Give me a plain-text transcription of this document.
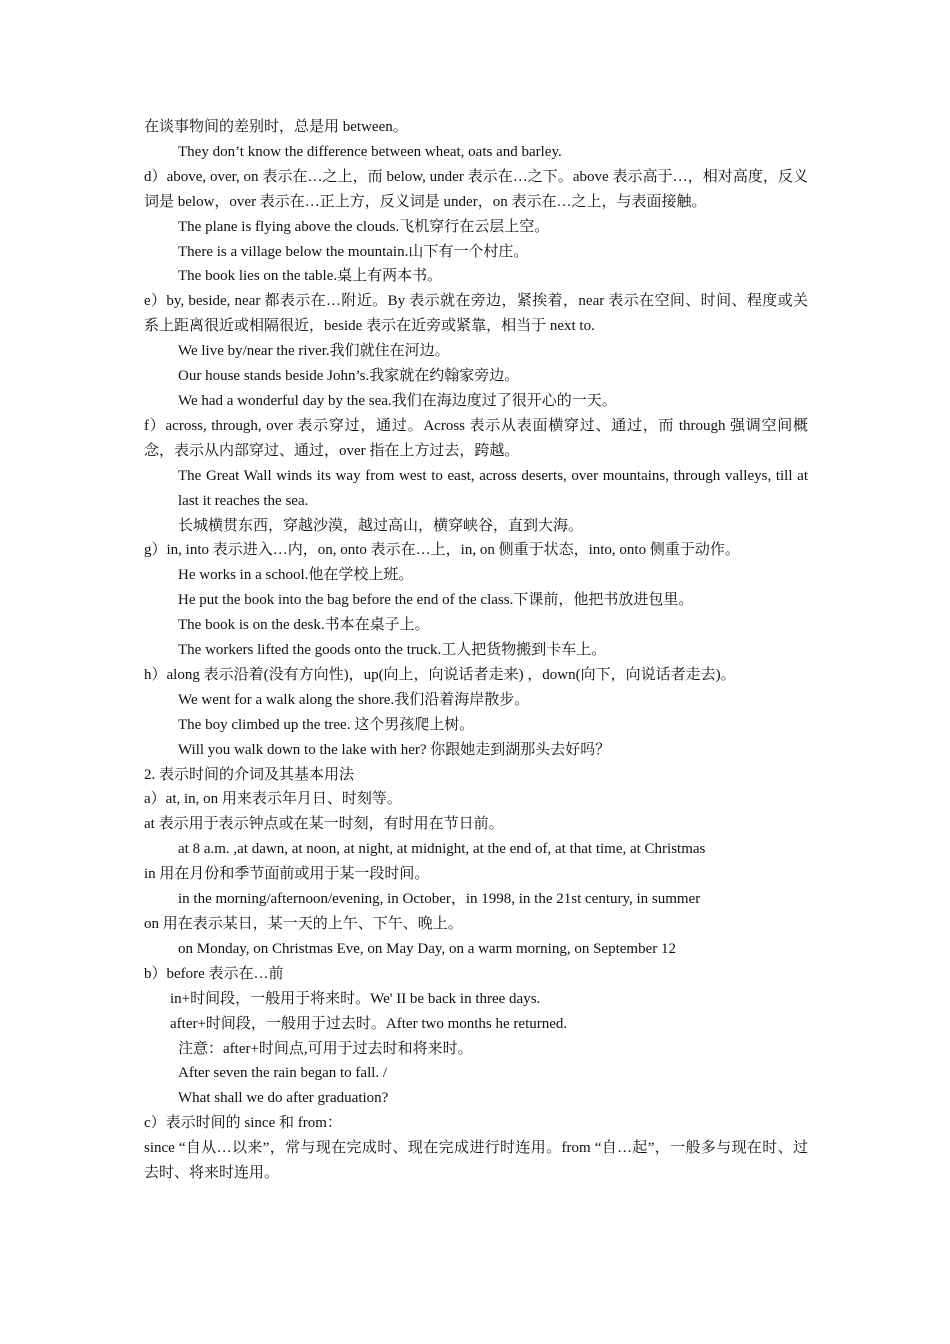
在谈事物间的差别时，总是用 between。
They don’t know the difference between wheat, oats and barley.
d）above, over, on 表示在…之上，而 below, under 表示在…之下。above 表示高于…，相对高度，反义词是 below，over 表示在…正上方，反义词是 under，on 表示在…之上，与表面接触。
The plane is flying above the clouds.飞机穿行在云层上空。
There is a village below the mountain.山下有一个村庄。
The book lies on the table.桌上有两本书。
e）by, beside, near 都表示在…附近。By 表示就在旁边，紧挨着，near 表示在空间、时间、程度或关系上距离很近或相隔很近，beside 表示在近旁或紧靠，相当于 next to.
We live by/near the river.我们就住在河边。
Our house stands beside John’s.我家就在约翰家旁边。
We had a wonderful day by the sea.我们在海边度过了很开心的一天。
f）across, through, over 表示穿过，通过。Across 表示从表面横穿过、通过，而 through 强调空间概念，表示从内部穿过、通过，over 指在上方过去，跨越。
The Great Wall winds its way from west to east, across deserts, over mountains, through valleys, till at last it reaches the sea.
长城横贯东西，穿越沙漠，越过高山，横穿峡谷，直到大海。
g）in, into 表示进入…内，on, onto 表示在…上，in, on 侧重于状态，into, onto 侧重于动作。
He works in a school.他在学校上班。
He put the book into the bag before the end of the class.下课前，他把书放进包里。
The book is on the desk.书本在桌子上。
The workers lifted the goods onto the truck.工人把货物搬到卡车上。
h）along 表示沿着(没有方向性)，up(向上，向说话者走来) ，down(向下，向说话者走去)。
We went for a walk along the shore.我们沿着海岸散步。
The boy climbed up the tree. 这个男孩爬上树。
Will you walk down to the lake with her? 你跟她走到湖那头去好吗？
2. 表示时间的介词及其基本用法
a）at, in, on 用来表示年月日、时刻等。
at 表示用于表示钟点或在某一时刻，有时用在节日前。
at 8 a.m. ,at dawn, at noon, at night, at midnight, at the end of, at that time, at Christmas
in 用在月份和季节面前或用于某一段时间。
in the morning/afternoon/evening, in October，in 1998, in the 21st century, in summer
on 用在表示某日，某一天的上午、下午、晚上。
on Monday, on Christmas Eve, on May Day, on a warm morning, on September 12
b）before 表示在…前
in+时间段，一般用于将来时。We' II be back in three days.
after+时间段，一般用于过去时。After two months he returned.
注意：after+时间点,可用于过去时和将来时。
After seven the rain began to fall. /
What shall we do after graduation?
c）表示时间的 since 和 from：
since “自从…以来”，常与现在完成时、现在完成进行时连用。from “自…起”，一般多与现在时、过去时、将来时连用。
